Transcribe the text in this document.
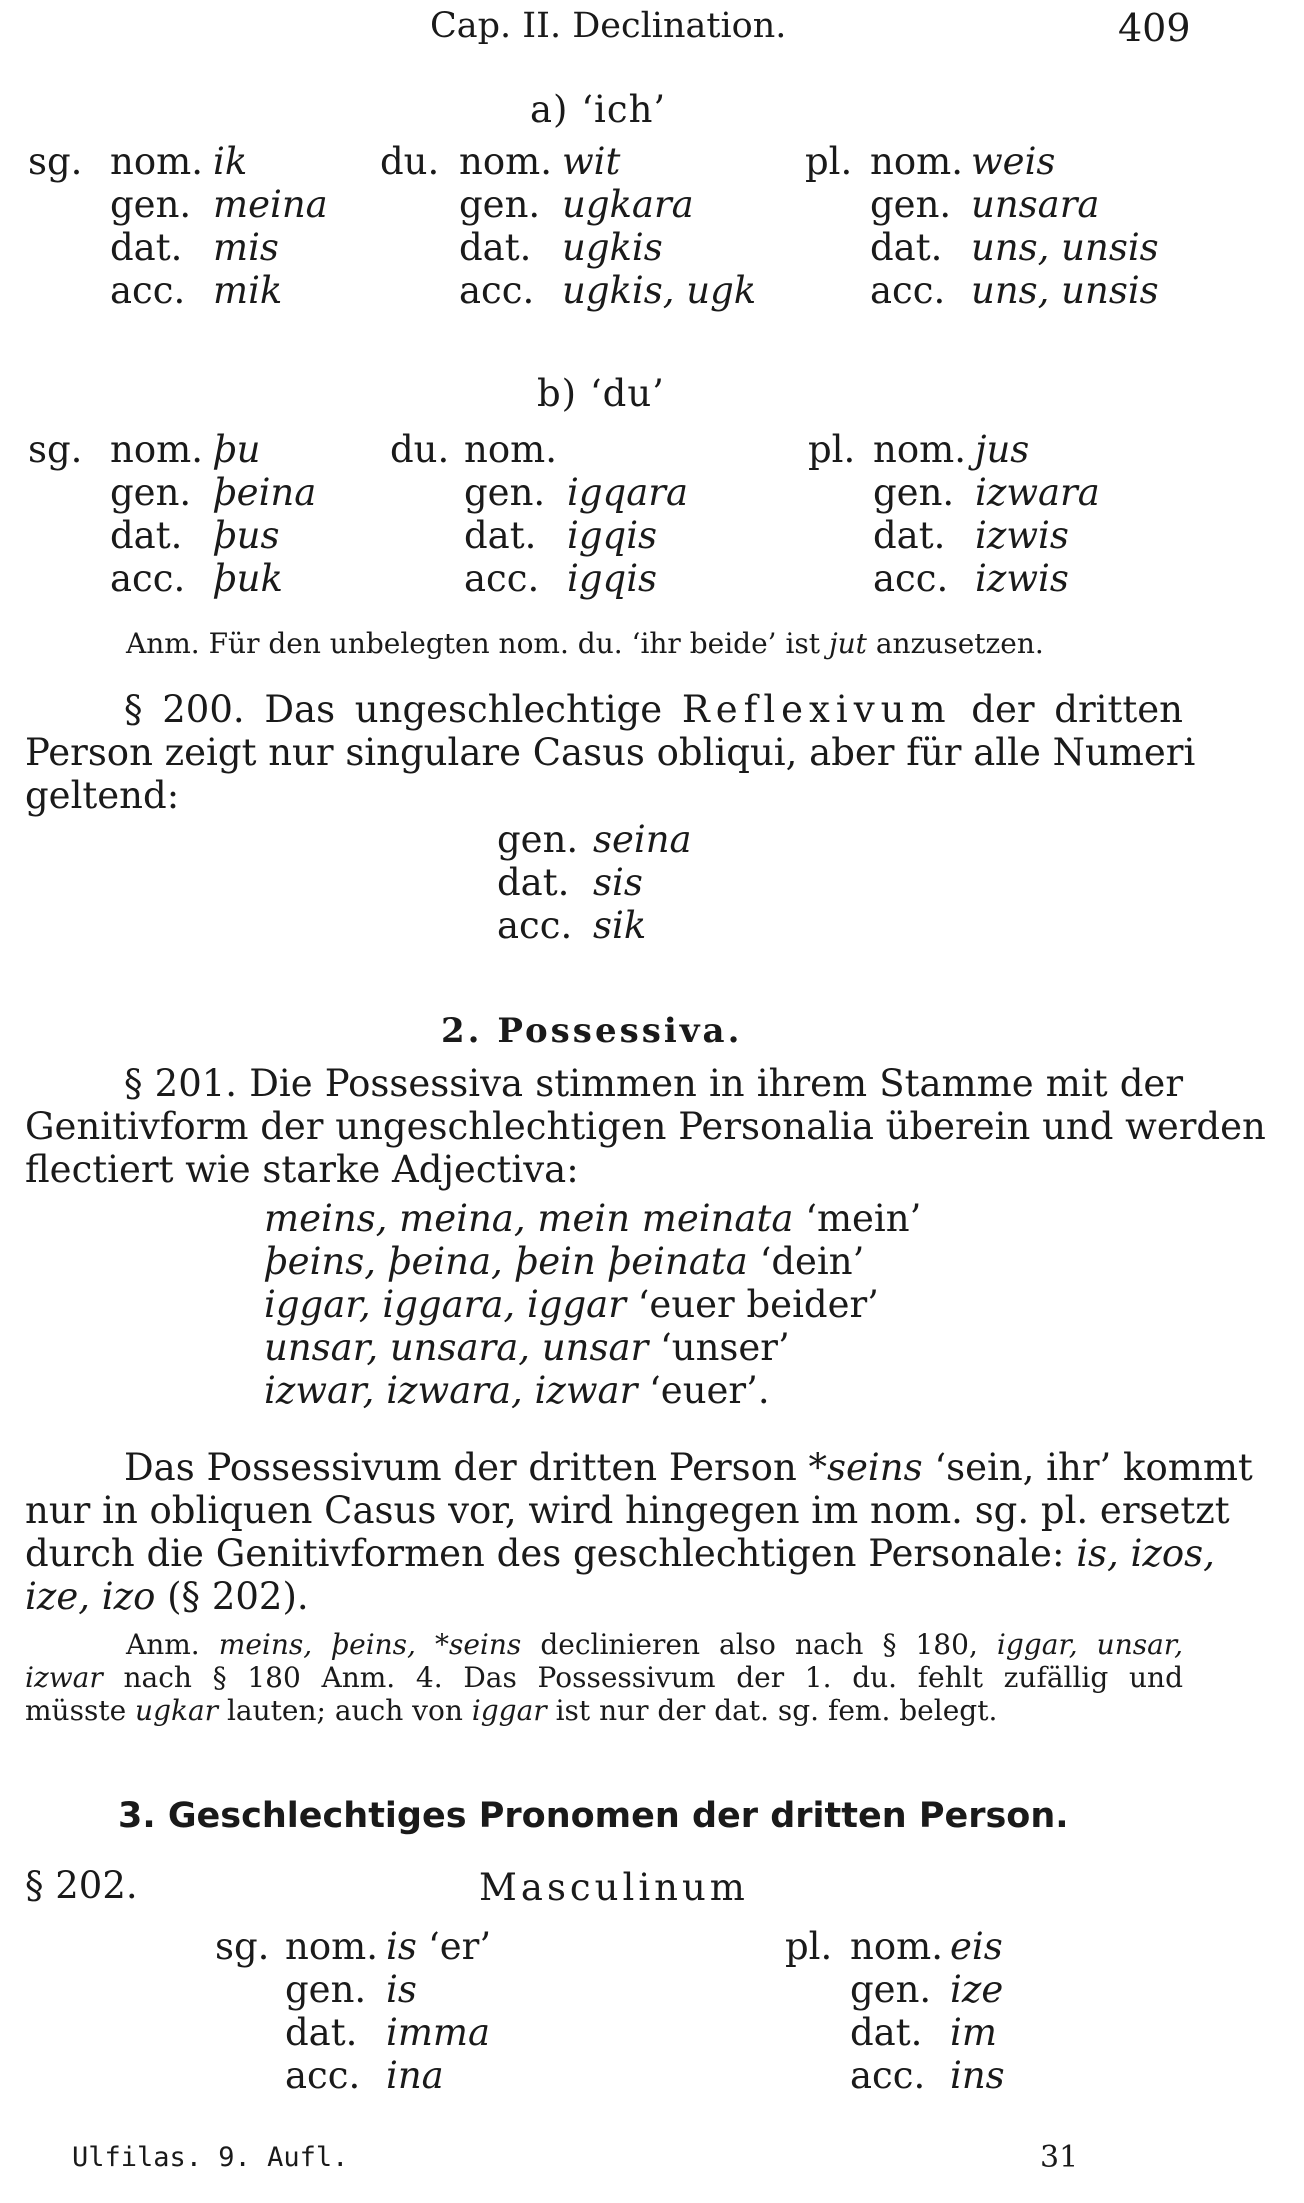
Cap. II. Declination.	409
a) ‘ich’
sg. nom. ik	du. nom. wit	pl. nom. weis
gen. meina	gen. ugkara	gen. unsara
dat. mis	dat. ugkis	dat. uns, unsis
acc. mik	acc. ugkis, ugk	acc. uns, unsis
b) ‘du’
sg. nom. þu	du. nom.	pl. nom. jus
gen. þeina	gen. igqara	gen. izwara
dat. þus	dat. igqis	dat. izwis
acc. þuk	acc. igqis	acc. izwis
Anm. Für den unbelegten nom. du. ‘ihr beide’ ist jut anzusetzen.
§ 200. Das ungeschlechtige Reflexivum der dritten
Person zeigt nur singulare Casus obliqui, aber für alle Numeri
geltend:
gen. seina
dat. sis
acc. sik
2. Possessiva.
§ 201. Die Possessiva stimmen in ihrem Stamme mit der
Genitivform der ungeschlechtigen Personalia überein und werden
flectiert wie starke Adjectiva:
meins, meina, mein meinata ‘mein’
þeins, þeina, þein þeinata ‘dein’
iggar, iggara, iggar ‘euer beider’
unsar, unsara, unsar ‘unser’
izwar, izwara, izwar ‘euer’.
Das Possessivum der dritten Person *seins ‘sein, ihr’ kommt
nur in obliquen Casus vor, wird hingegen im nom. sg. pl. ersetzt
durch die Genitivformen des geschlechtigen Personale: is, izos,
ize, izo (§ 202).
Anm. meins, þeins, *seins declinieren also nach § 180, iggar, unsar,
izwar nach § 180 Anm. 4. Das Possessivum der 1. du. fehlt zufällig und
müsste ugkar lauten; auch von iggar ist nur der dat. sg. fem. belegt.
3. Geschlechtiges Pronomen der dritten Person.
§ 202.	Masculinum
sg. nom. is ‘er’	pl. nom. eis
gen. is	gen. ize
dat. imma	dat. im
acc. ina	acc. ins
Ulfilas. 9. Aufl.	31
